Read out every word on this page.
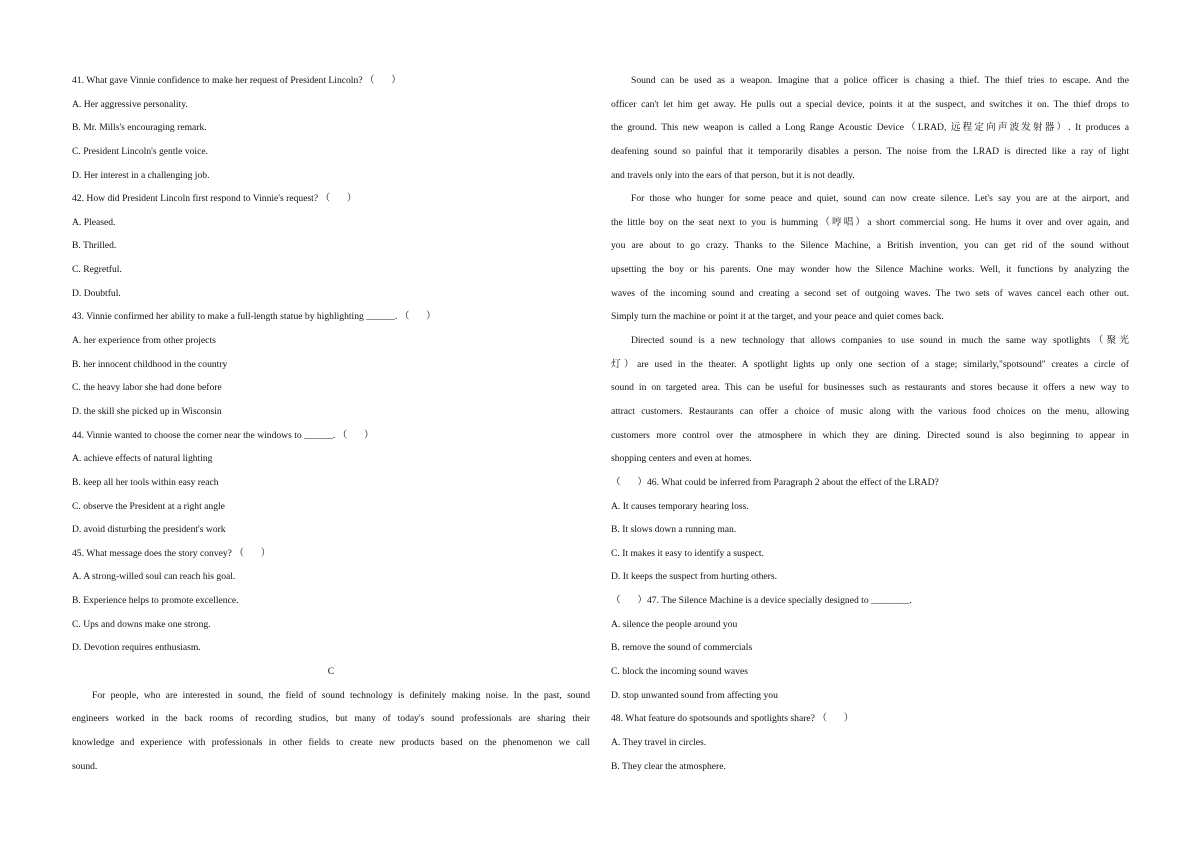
41. What gave Vinnie confidence to make her request of President Lincoln? （       ）
A. Her aggressive personality.
B. Mr. Mills's encouraging remark.
C. President Lincoln's gentle voice.
D. Her interest in a challenging job.
42. How did President Lincoln first respond to Vinnie's request? （       ）
A. Pleased.
B. Thrilled.
C. Regretful.
D. Doubtful.
43. Vinnie confirmed her ability to make a full-length statue by highlighting ______. （       ）
A. her experience from other projects
B. her innocent childhood in the country
C. the heavy labor she had done before
D. the skill she picked up in Wisconsin
44. Vinnie wanted to choose the corner near the windows to ______. （       ）
A. achieve effects of natural lighting
B. keep all her tools within easy reach
C. observe the President at a right angle
D. avoid disturbing the president's work
45. What message does the story convey? （       ）
A. A strong-willed soul can reach his goal.
B. Experience helps to promote excellence.
C. Ups and downs make one strong.
D. Devotion requires enthusiasm.
C
For people, who are interested in sound, the field of sound technology is definitely making noise. In the past, sound
engineers worked in the back rooms of recording studios, but many of today's sound professionals are sharing their
knowledge and experience with professionals in other fields to create new products based on the phenomenon we call
sound.
Sound can be used as a weapon. Imagine that a police officer is chasing a thief. The thief tries to escape. And the
officer can't let him get away. He pulls out a special device, points it at the suspect, and switches it on. The thief drops to
the ground. This new weapon is called a Long Range Acoustic Device（LRAD, 远程定向声波发射器）. It produces a
deafening sound so painful that it temporarily disables a person. The noise from the LRAD is directed like a ray of light
and travels only into the ears of that person, but it is not deadly.
For those who hunger for some peace and quiet, sound can now create silence. Let's say you are at the airport, and
the little boy on the seat next to you is humming（哼唱）a short commercial song. He hums it over and over again, and
you are about to go crazy. Thanks to the Silence Machine, a British invention, you can get rid of the sound without
upsetting the boy or his parents. One may wonder how the Silence Machine works. Well, it functions by analyzing the
waves of the incoming sound and creating a second set of outgoing waves. The two sets of waves cancel each other out.
Simply turn the machine or point it at the target, and your peace and quiet comes back.
Directed sound is a new technology that allows companies to use sound in much the same way spotlights（聚光
灯）are used in the theater. A spotlight lights up only one section of a stage; similarly,"spotsound" creates a circle of
sound in on targeted area. This can be useful for businesses such as restaurants and stores because it offers a new way to
attract customers. Restaurants can offer a choice of music along with the various food choices on the menu, allowing
customers more control over the atmosphere in which they are dining. Directed sound is also beginning to appear in
shopping centers and even at homes.
（       ）46. What could be inferred from Paragraph 2 about the effect of the LRAD?
A. It causes temporary hearing loss.
B. It slows down a running man.
C. It makes it easy to identify a suspect.
D. It keeps the suspect from hurting others.
（       ）47. The Silence Machine is a device specially designed to ________.
A. silence the people around you
B. remove the sound of commercials
C. block the incoming sound waves
D. stop unwanted sound from affecting you
48. What feature do spotsounds and spotlights share? （       ）
A. They travel in circles.
B. They clear the atmosphere.
